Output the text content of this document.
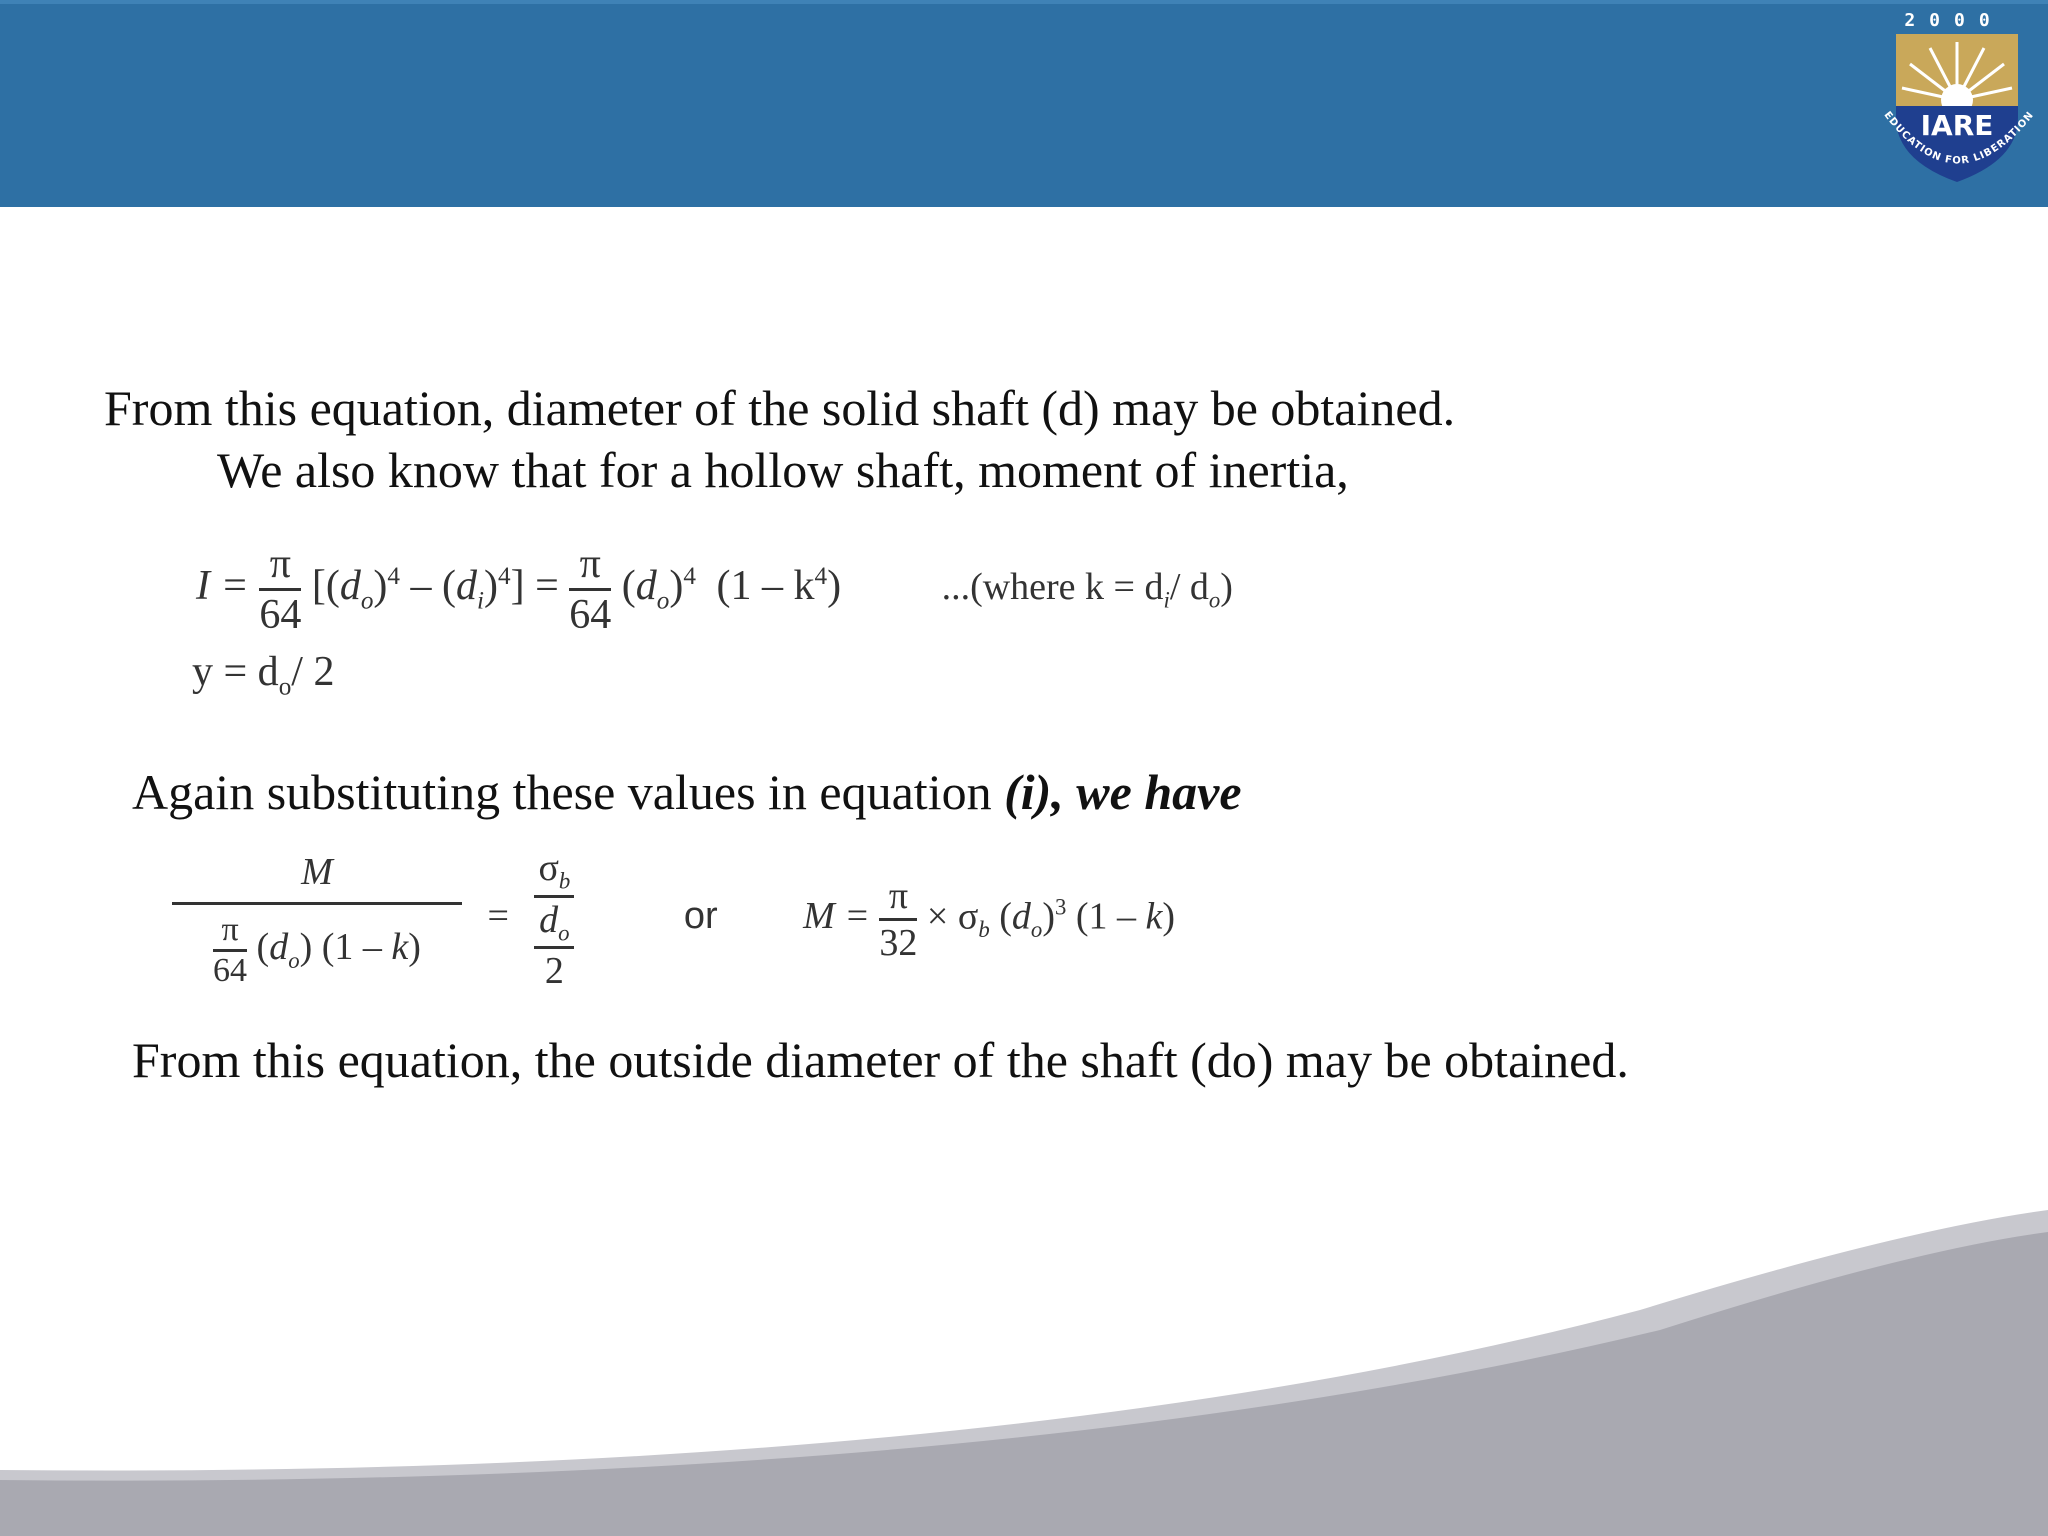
2000
IARE
EDUCATION FOR LIBERATION
From this equation, diameter of the solid shaft (d) may be obtained.
We also know that for a hollow shaft, moment of inertia,
$I = \frac{\pi}{64} [(d_o)^4 - (d_i)^4] = \frac{\pi}{64} (d_o)^4$ $(1 - k^4)$	...(where $k = d_i/$ $d_o$)
$y = d_o/$ 2
Again substituting these values in equation (i), we have
$\frac{M}{\frac{\pi}{64} (d_o) (1 - k)} = \sigma_b$
$d_o$
2	or $M = \frac{\pi}{32} \times \sigma_b$ $(d_o)^3$ (1 – k)
From this equation, the outside diameter of the shaft (do) may be obtained.
